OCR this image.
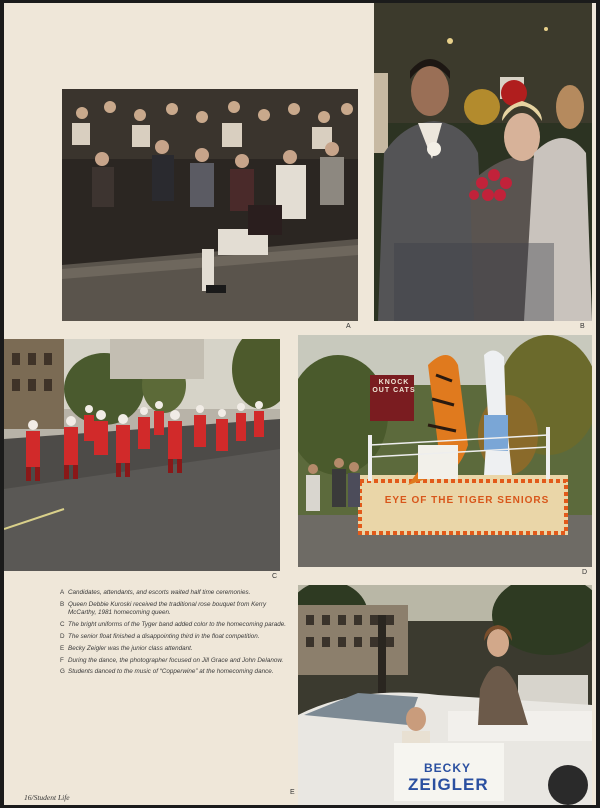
A	B
C
KNOCK OUT CATS
EYE OF THE TIGER SENIORS
D
A Candidates, attendants, and escorts waited half time ceremonies.
B Queen Debbie Kuroski received the traditional rose bouquet from Kerry McCarthy, 1981 homecoming queen.
C The bright uniforms of the Tyger band added color to the homecoming parade.
D The senior float finished a disappointing third in the float competition.
E Becky Zeigler was the junior class attendant.
F During the dance, the photographer focused on Jill Grace and John Delanow.
G Students danced to the music of “Copperwine” at the homecoming dance.
BECKY
ZEIGLER
E
16/Student Life
